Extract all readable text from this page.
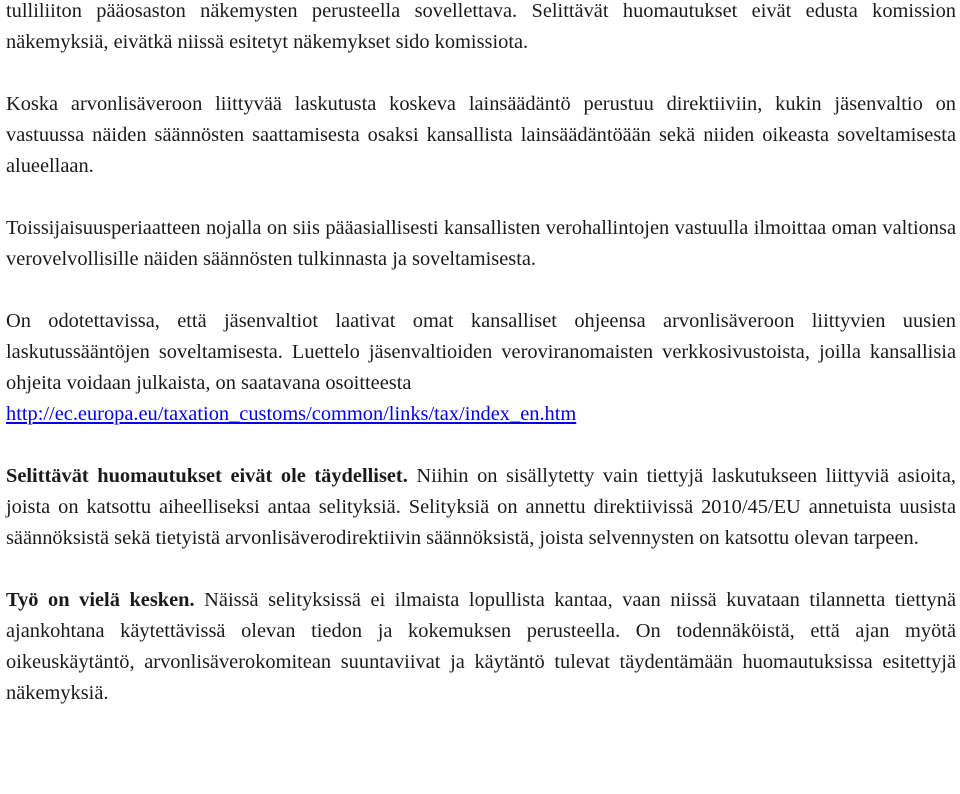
tulliliiton pääosaston näkemysten perusteella sovellettava. Selittävät huomautukset eivät edusta komission näkemyksiä, eivätkä niissä esitetyt näkemykset sido komissiota.

Koska arvonlisäveroon liittyvää laskutusta koskeva lainsäädäntö perustuu direktiiviin, kukin jäsenvaltio on vastuussa näiden säännösten saattamisesta osaksi kansallista lainsäädäntöään sekä niiden oikeasta soveltamisesta alueellaan.

Toissijaisuusperiaatteen nojalla on siis pääasiallisesti kansallisten verohallintojen vastuulla ilmoittaa oman valtionsa verovelvollisille näiden säännösten tulkinnasta ja soveltamisesta.

On odotettavissa, että jäsenvaltiot laativat omat kansalliset ohjeensa arvonlisäveroon liittyvien uusien laskutussääntöjen soveltamisesta. Luettelo jäsenvaltioiden veroviranomaisten verkkosivustoista, joilla kansallisia ohjeita voidaan julkaista, on saatavana osoitteesta

http://ec.europa.eu/taxation_customs/common/links/tax/index_en.htm

Selittävät huomautukset eivät ole täydelliset. Niihin on sisällytetty vain tiettyjä laskutukseen liittyviä asioita, joista on katsottu aiheelliseksi antaa selityksiä. Selityksiä on annettu direktiivissä 2010/45/EU annetuista uusista säännöksistä sekä tietyistä arvonlisäverodirektiivin säännöksistä, joista selvennysten on katsottu olevan tarpeen.

Työ on vielä kesken. Näissä selityksissä ei ilmaista lopullista kantaa, vaan niissä kuvataan tilannetta tiettynä ajankohtana käytettävissä olevan tiedon ja kokemuksen perusteella. On todennäköistä, että ajan myötä oikeuskäytäntö, arvonlisäverokomitean suuntaviivat ja käytäntö tulevat täydentämään huomautuksissa esitettyjä näkemyksiä.
